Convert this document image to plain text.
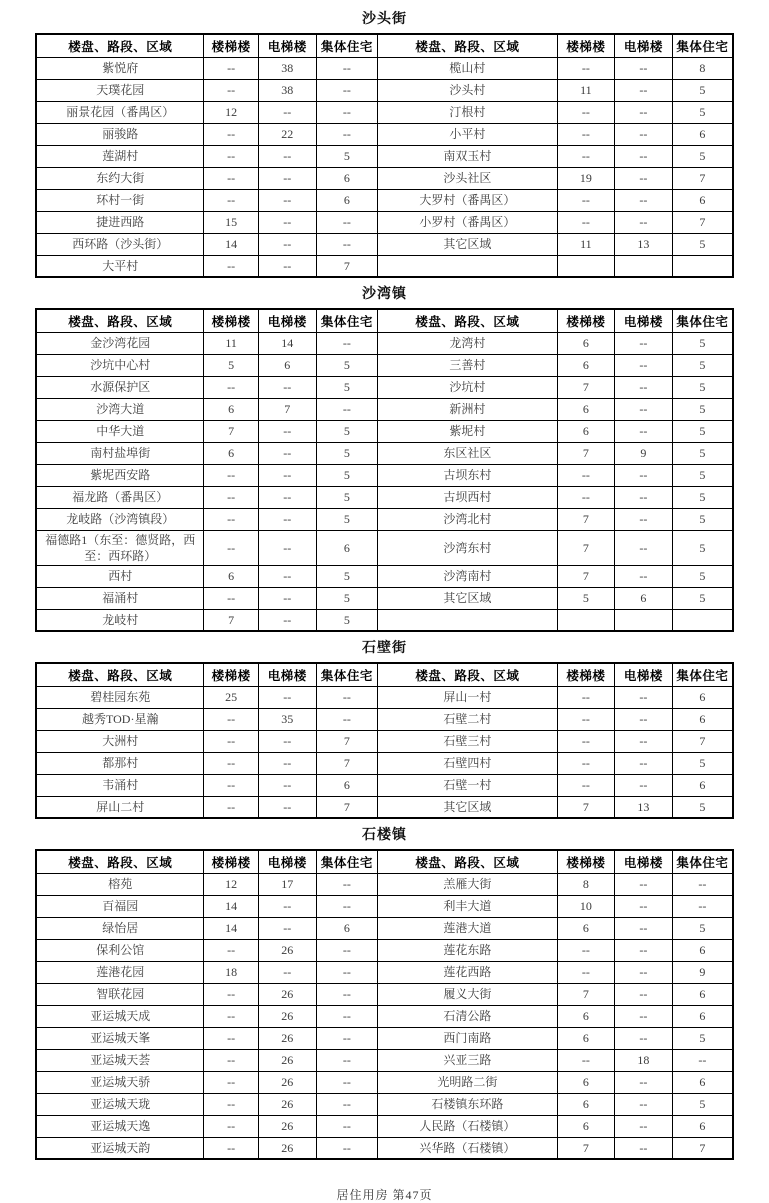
沙头街
楼盘、路段、区域	楼梯楼	电梯楼	集体住宅	楼盘、路段、区域	楼梯楼	电梯楼	集体住宅
紫悦府	--	38	--	榄山村	--	--	8
天璞花园	--	38	--	沙头村	11	--	5
丽景花园（番禺区）	12	--	--	汀根村	--	--	5
丽骏路	--	22	--	小平村	--	--	6
莲湖村	--	--	5	南双玉村	--	--	5
东约大街	--	--	6	沙头社区	19	--	7
环村一街	--	--	6	大罗村（番禺区）	--	--	6
捷进西路	15	--	--	小罗村（番禺区）	--	--	7
西环路（沙头街）	14	--	--	其它区域	11	13	5
大平村	--	--	7				
沙湾镇
楼盘、路段、区域	楼梯楼	电梯楼	集体住宅	楼盘、路段、区域	楼梯楼	电梯楼	集体住宅
金沙湾花园	11	14	--	龙湾村	6	--	5
沙坑中心村	5	6	5	三善村	6	--	5
水源保护区	--	--	5	沙坑村	7	--	5
沙湾大道	6	7	--	新洲村	6	--	5
中华大道	7	--	5	紫坭村	6	--	5
南村盐埠街	6	--	5	东区社区	7	9	5
紫坭西安路	--	--	5	古坝东村	--	--	5
福龙路（番禺区）	--	--	5	古坝西村	--	--	5
龙岐路（沙湾镇段）	--	--	5	沙湾北村	7	--	5
福德路1（东至：德贤路，西至：西环路）	--	--	6	沙湾东村	7	--	5
西村	6	--	5	沙湾南村	7	--	5
福涌村	--	--	5	其它区域	5	6	5
龙岐村	7	--	5				
石壁街
楼盘、路段、区域	楼梯楼	电梯楼	集体住宅	楼盘、路段、区域	楼梯楼	电梯楼	集体住宅
碧桂园东苑	25	--	--	屏山一村	--	--	6
越秀TOD·星瀚	--	35	--	石壁二村	--	--	6
大洲村	--	--	7	石壁三村	--	--	7
都那村	--	--	7	石壁四村	--	--	5
韦涌村	--	--	6	石壁一村	--	--	6
屏山二村	--	--	7	其它区域	7	13	5
石楼镇
楼盘、路段、区域	楼梯楼	电梯楼	集体住宅	楼盘、路段、区域	楼梯楼	电梯楼	集体住宅
榕苑	12	17	--	羔雁大街	8	--	--
百福园	14	--	--	利丰大道	10	--	--
绿怡居	14	--	6	莲港大道	6	--	5
保利公馆	--	26	--	莲花东路	--	--	6
莲港花园	18	--	--	莲花西路	--	--	9
智联花园	--	26	--	履义大街	7	--	6
亚运城天成	--	26	--	石清公路	6	--	6
亚运城天峯	--	26	--	西门南路	6	--	5
亚运城天荟	--	26	--	兴亚三路	--	18	--
亚运城天骄	--	26	--	光明路二街	6	--	6
亚运城天珑	--	26	--	石楼镇东环路	6	--	5
亚运城天逸	--	26	--	人民路（石楼镇）	6	--	6
亚运城天韵	--	26	--	兴华路（石楼镇）	7	--	7
居住用房 第47页
